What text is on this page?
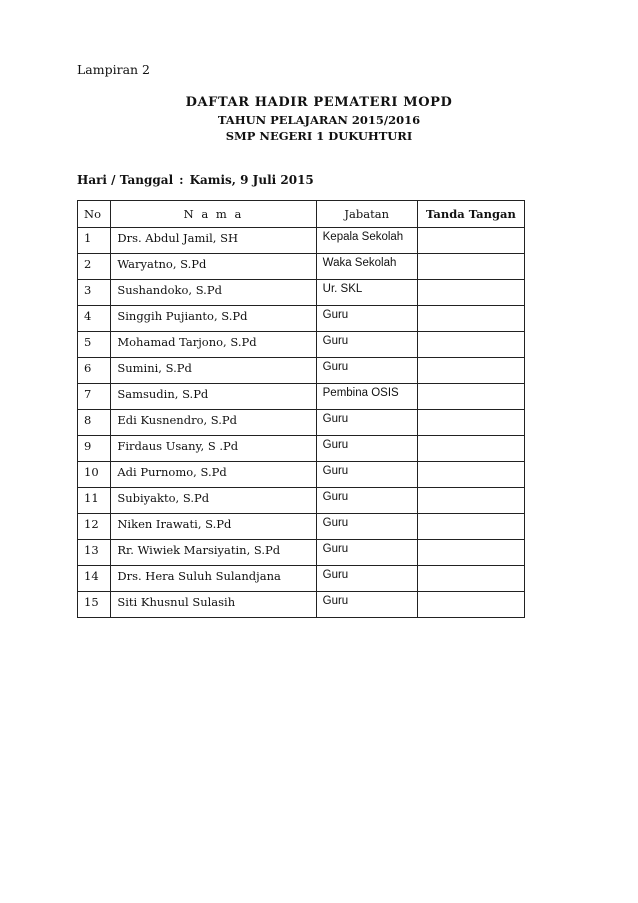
Lampiran 2
DAFTAR HADIR PEMATERI MOPD
TAHUN PELAJARAN 2015/2016
SMP NEGERI 1 DUKUHTURI
Hari / Tanggal : Kamis, 9 Juli 2015
No	N a m a	Jabatan	Tanda Tangan
1	Drs. Abdul Jamil, SH	Kepala Sekolah	
2	Waryatno, S.Pd	Waka Sekolah	
3	Sushandoko, S.Pd	Ur. SKL	
4	Singgih Pujianto, S.Pd	Guru	
5	Mohamad Tarjono, S.Pd	Guru	
6	Sumini, S.Pd	Guru	
7	Samsudin, S.Pd	Pembina OSIS	
8	Edi Kusnendro, S.Pd	Guru	
9	Firdaus Usany, S .Pd	Guru	
10	Adi Purnomo, S.Pd	Guru	
11	Subiyakto, S.Pd	Guru	
12	Niken Irawati, S.Pd	Guru	
13	Rr. Wiwiek Marsiyatin, S.Pd	Guru	
14	Drs. Hera Suluh Sulandjana	Guru	
15	Siti Khusnul Sulasih	Guru	
